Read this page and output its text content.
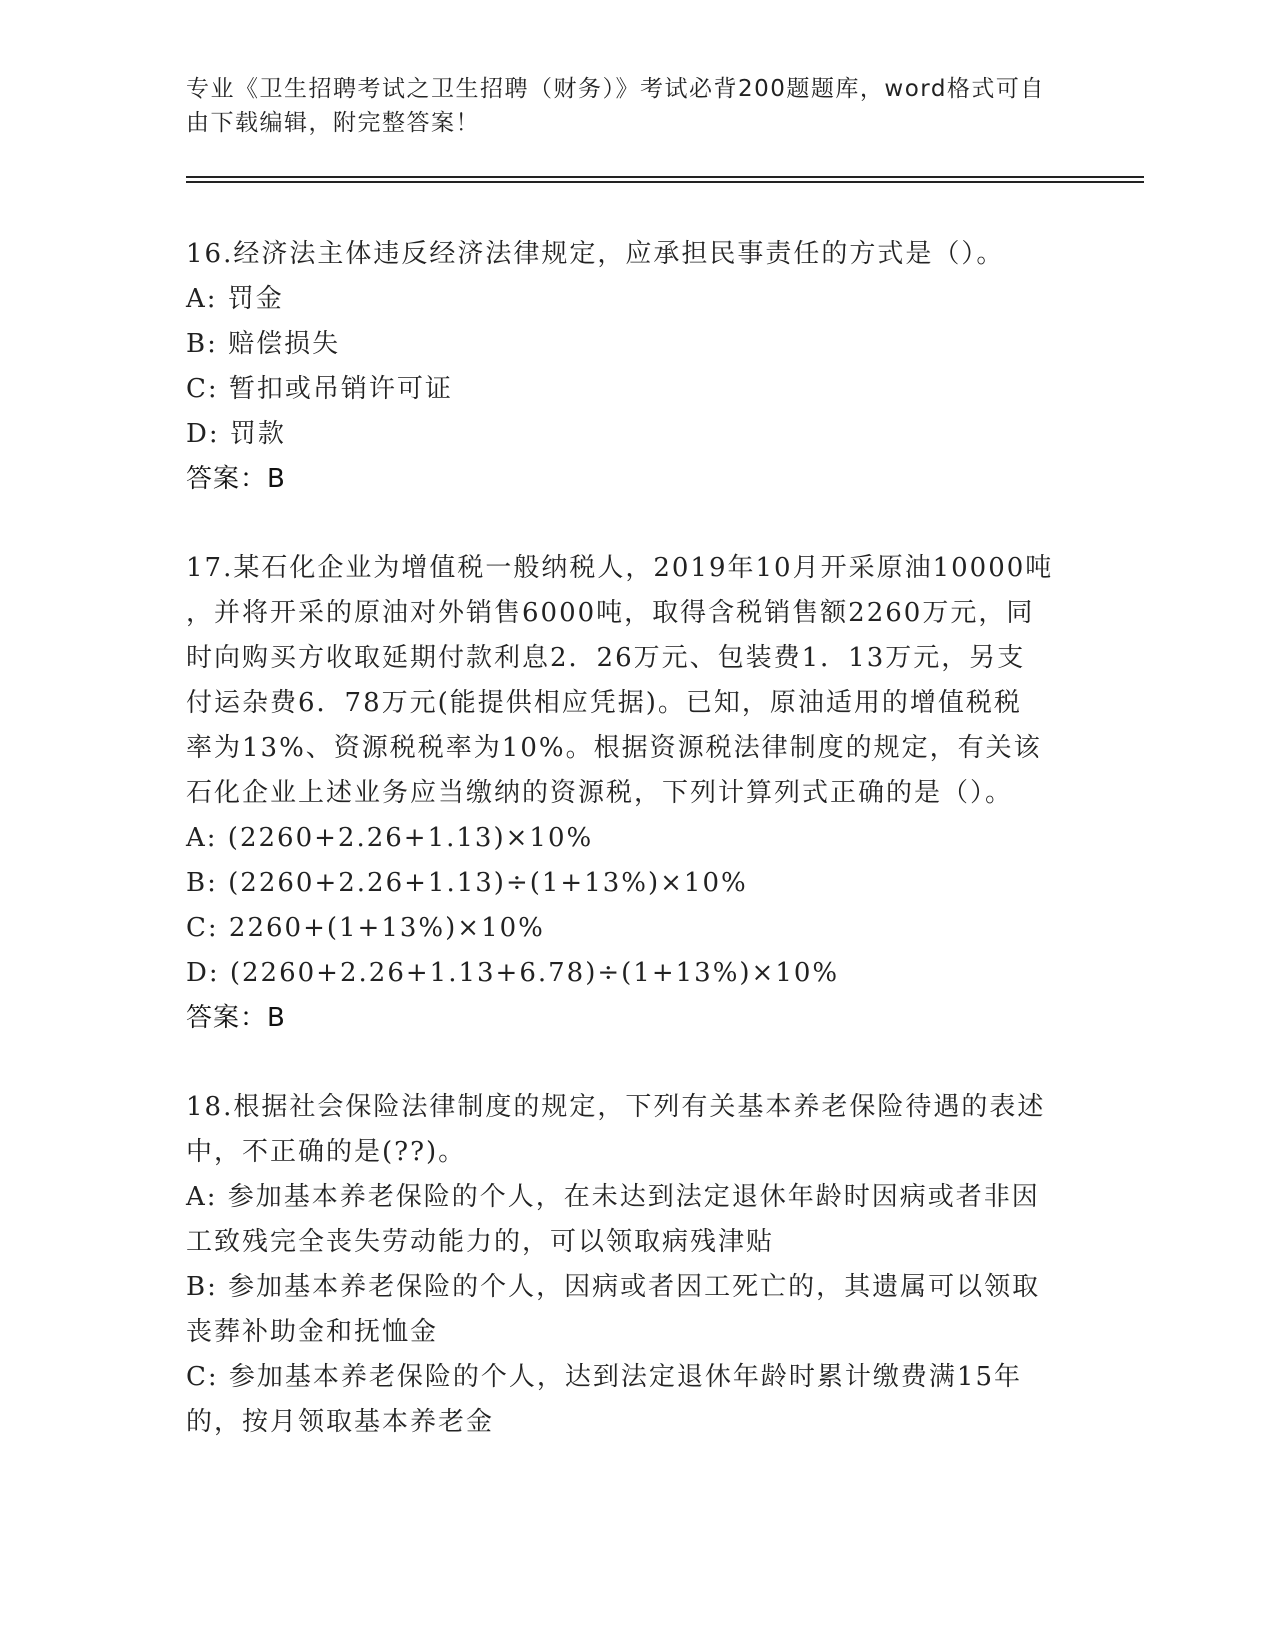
专业《卫生招聘考试之卫生招聘（财务）》考试必背200题题库，word格式可自
由下载编辑，附完整答案！
16.经济法主体违反经济法律规定，应承担民事责任的方式是（）。
A: 罚金
B: 赔偿损失
C: 暂扣或吊销许可证
D: 罚款
答案：B
17.某石化企业为增值税一般纳税人，2019年10月开采原油10000吨
，并将开采的原油对外销售6000吨，取得含税销售额2260万元，同
时向购买方收取延期付款利息2．26万元、包装费1．13万元，另支
付运杂费6．78万元(能提供相应凭据)。已知，原油适用的增值税税
率为13%、资源税税率为10%。根据资源税法律制度的规定，有关该
石化企业上述业务应当缴纳的资源税，下列计算列式正确的是（）。
A: (2260+2.26+1.13)×10%
B: (2260+2.26+1.13)÷(1+13%)×10%
C: 2260+(1+13%)×10%
D: (2260+2.26+1.13+6.78)÷(1+13%)×10%
答案：B
18.根据社会保险法律制度的规定，下列有关基本养老保险待遇的表述
中，不正确的是(??)。
A: 参加基本养老保险的个人，在未达到法定退休年龄时因病或者非因
工致残完全丧失劳动能力的，可以领取病残津贴
B: 参加基本养老保险的个人，因病或者因工死亡的，其遗属可以领取
丧葬补助金和抚恤金
C: 参加基本养老保险的个人，达到法定退休年龄时累计缴费满15年
的，按月领取基本养老金
